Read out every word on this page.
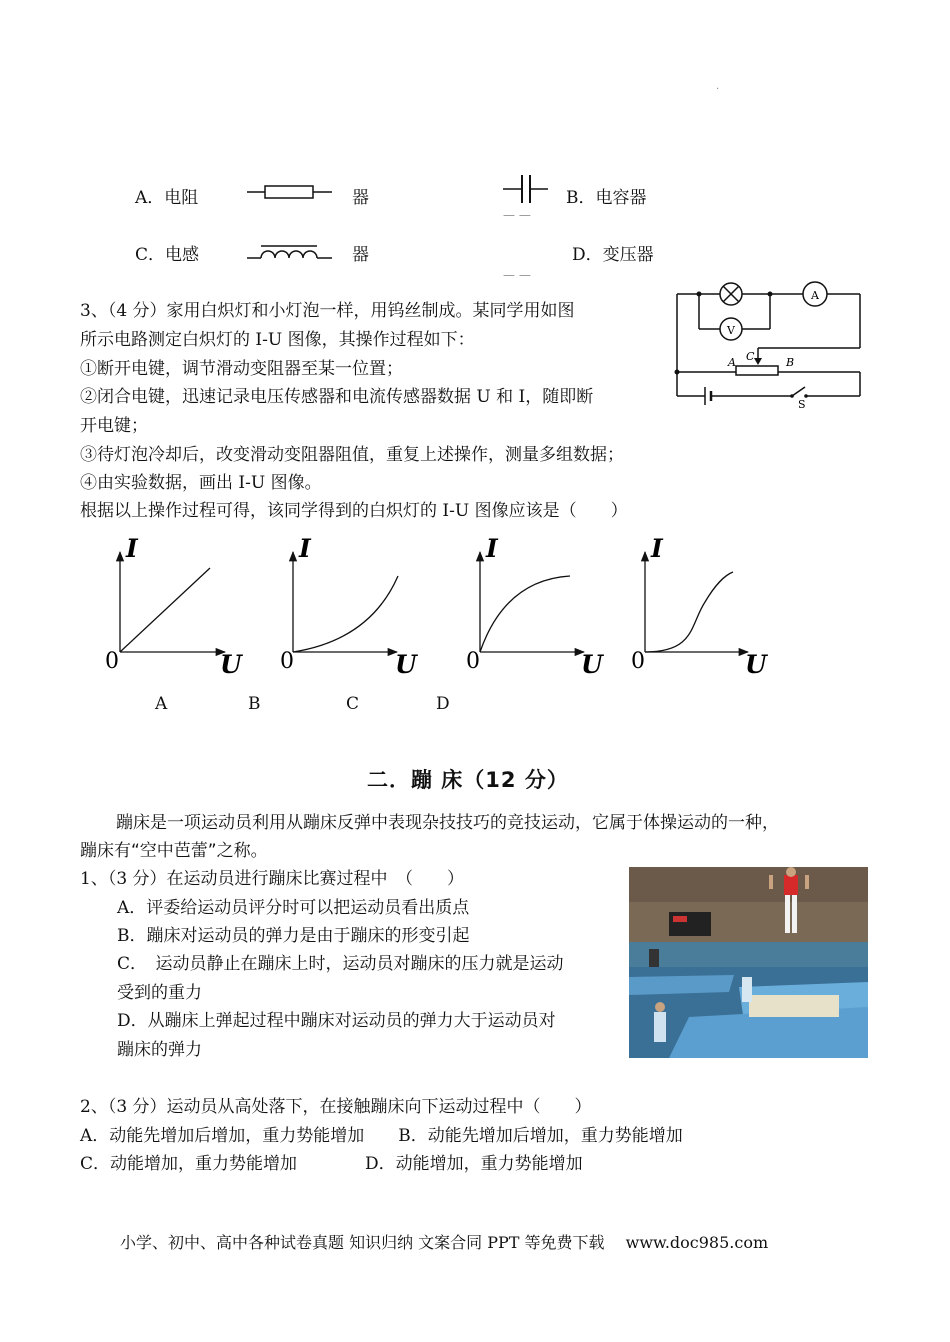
·
A．电阻	器	B．电容器
— —
C．电感	器	D．变压器
— —
3、（4 分）家用白炽灯和小灯泡一样，用钨丝制成。某同学用如图
所示电路测定白炽灯的 I-U 图像，其操作过程如下：
①断开电键，调节滑动变阻器至某一位置；
②闭合电键，迅速记录电压传感器和电流传感器数据 U 和 I，随即断
开电键；
③待灯泡冷却后，改变滑动变阻器阻值，重复上述操作，测量多组数据；
④由实验数据，画出 I-U 图像。
根据以上操作过程可得，该同学得到的白炽灯的 I-U 图像应该是（　　）
A
V
A C	B
S
I
0	U
I
0	U
I
0	U
I
0	U
A	B	C	D
二．蹦 床（12 分）
蹦床是一项运动员利用从蹦床反弹中表现杂技技巧的竞技运动，它属于体操运动的一种，
蹦床有“空中芭蕾”之称。
1、（3 分）在运动员进行蹦床比赛过程中　（　　）
A．评委给运动员评分时可以把运动员看出质点
B．蹦床对运动员的弹力是由于蹦床的形变引起
C．　运动员静止在蹦床上时，运动员对蹦床的压力就是运动
受到的重力
D．从蹦床上弹起过程中蹦床对运动员的弹力大于运动员对
蹦床的弹力
2、（3 分）运动员从高处落下，在接触蹦床向下运动过程中（　　）
A．动能先增加后增加，重力势能增加　　B．动能先增加后增加，重力势能增加
C．动能增加，重力势能增加　　　　D．动能增加，重力势能增加
小学、初中、高中各种试卷真题 知识归纳 文案合同 PPT 等免费下载　 www.doc985.com
